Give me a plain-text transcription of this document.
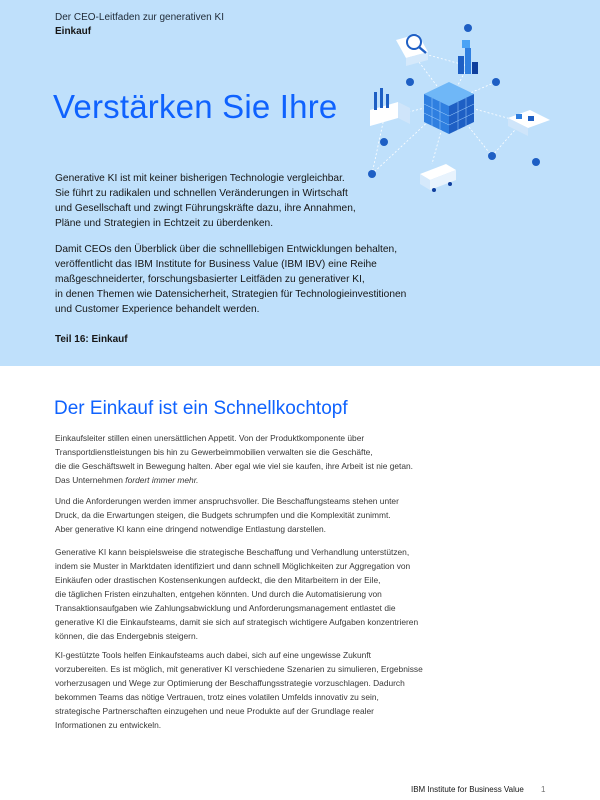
Der CEO-Leitfaden zur generativen KI
Einkauf
Verstärken Sie Ihre

Generative KI ist mit keiner bisherigen Technologie vergleichbar.
Sie führt zu radikalen und schnellen Veränderungen in Wirtschaft
und Gesellschaft und zwingt Führungskräfte dazu, ihre Annahmen,
Pläne und Strategien in Echtzeit zu überdenken.

Damit CEOs den Überblick über die schnelllebigen Entwicklungen behalten,
veröffentlicht das IBM Institute for Business Value (IBM IBV) eine Reihe
maßgeschneiderter, forschungsbasierter Leitfäden zu generativer KI,
in denen Themen wie Datensicherheit, Strategien für Technologieinvestitionen
und Customer Experience behandelt werden.

Teil 16: Einkauf
Der Einkauf ist ein Schnellkochtopf

Einkaufsleiter stillen einen unersättlichen Appetit. Von der Produktkomponente über
Transportdienstleistungen bis hin zu Gewerbeimmobilien verwalten sie die Geschäfte,
die die Geschäftswelt in Bewegung halten. Aber egal wie viel sie kaufen, ihre Arbeit ist nie getan.
Das Unternehmen fordert immer mehr.

Und die Anforderungen werden immer anspruchsvoller. Die Beschaffungsteams stehen unter
Druck, da die Erwartungen steigen, die Budgets schrumpfen und die Komplexität zunimmt.
Aber generative KI kann eine dringend notwendige Entlastung darstellen.

Generative KI kann beispielsweise die strategische Beschaffung und Verhandlung unterstützen,
indem sie Muster in Marktdaten identifiziert und dann schnell Möglichkeiten zur Aggregation von
Einkäufen oder drastischen Kostensenkungen aufdeckt, die den Mitarbeitern in der Eile,
die täglichen Fristen einzuhalten, entgehen könnten. Und durch die Automatisierung von
Transaktionsaufgaben wie Zahlungsabwicklung und Anforderungsmanagement entlastet die
generative KI die Einkaufsteams, damit sie sich auf strategisch wichtigere Aufgaben konzentrieren
können, die das Endergebnis steigern.

KI-gestützte Tools helfen Einkaufsteams auch dabei, sich auf eine ungewisse Zukunft
vorzubereiten. Es ist möglich, mit generativer KI verschiedene Szenarien zu simulieren, Ergebnisse
vorherzusagen und Wege zur Optimierung der Beschaffungsstrategie vorzuschlagen. Dadurch
bekommen Teams das nötige Vertrauen, trotz eines volatilen Umfelds innovativ zu sein,
strategische Partnerschaften einzugehen und neue Produkte auf der Grundlage realer
Informationen zu entwickeln.

IBM Institute for Business Value 1
